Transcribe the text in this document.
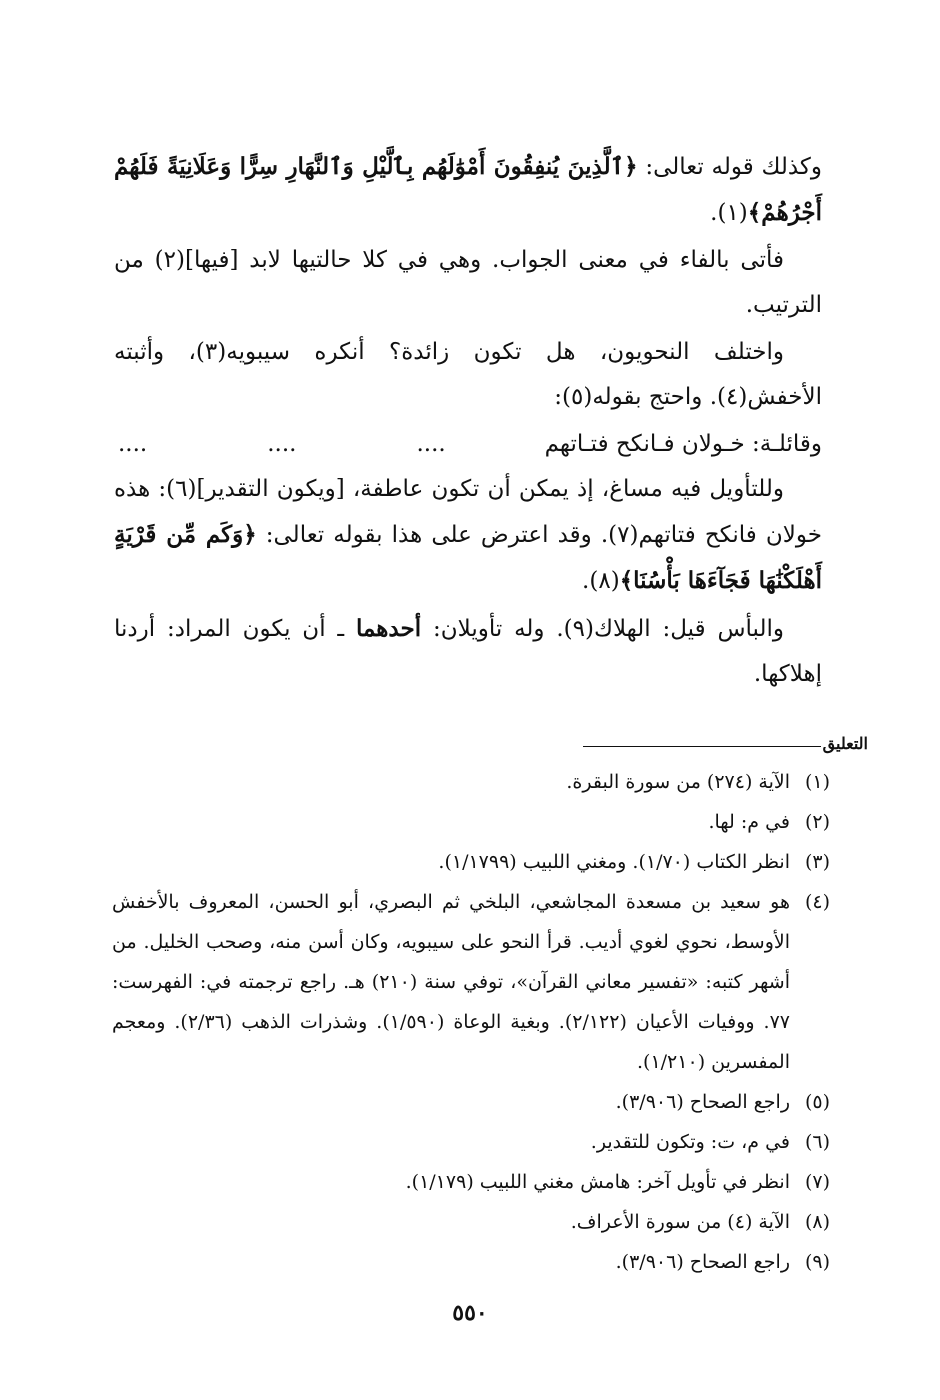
وكذلك قوله تعالى: ﴿ٱلَّذِينَ يُنفِقُونَ أَمْوَٰلَهُم بِٱلَّيْلِ وَٱلنَّهَارِ سِرًّا وَعَلَانِيَةً فَلَهُمْ أَجْرُهُمْ﴾(١).

فأتى بالفاء في معنى الجواب. وهي في كلا حالتيها لابد [فيها](٢) من الترتيب.

واختلف النحويون، هل تكون زائدة؟ أنكره سيبويه(٣)، وأثبته الأخفش(٤). واحتج بقوله(٥):

وقائلـة: خـولان فـانكح فتـاتهم
....
....
....

وللتأويل فيه مساغ، إذ يمكن أن تكون عاطفة، [ويكون التقدير](٦): هذه خولان فانكح فتاتهم(٧). وقد اعترض على هذا بقوله تعالى: ﴿وَكَم مِّن قَرْيَةٍ أَهْلَكْنَٰهَا فَجَآءَهَا بَأْسُنَا﴾(٨).

والبأس قيل: الهلاك(٩). وله تأويلان: أحدهما ـ أن يكون المراد: أردنا إهلاكها.

التعليق
(١)
الآية (٢٧٤) من سورة البقرة.
(٢)
في م: لها.
(٣)
انظر الكتاب (١/٧٠). ومغني اللبيب (١/١٧٩٩).
(٤)
هو سعيد بن مسعدة المجاشعي، البلخي ثم البصري، أبو الحسن، المعروف بالأخفش الأوسط، نحوي لغوي أديب. قرأ النحو على سيبويه، وكان أسن منه، وصحب الخليل. من أشهر كتبه: «تفسير معاني القرآن»، توفي سنة (٢١٠) هـ. راجع ترجمته في: الفهرست: ٧٧. ووفيات الأعيان (٢/١٢٢). وبغية الوعاة (١/٥٩٠). وشذرات الذهب (٢/٣٦). ومعجم المفسرين (١/٢١٠).
(٥)
راجع الصحاح (٣/٩٠٦).
(٦)
في م، ت: وتكون للتقدير.
(٧)
انظر في تأويل آخر: هامش مغني اللبيب (١/١٧٩).
(٨)
الآية (٤) من سورة الأعراف.
(٩)
راجع الصحاح (٣/٩٠٦).
٥٥٠
